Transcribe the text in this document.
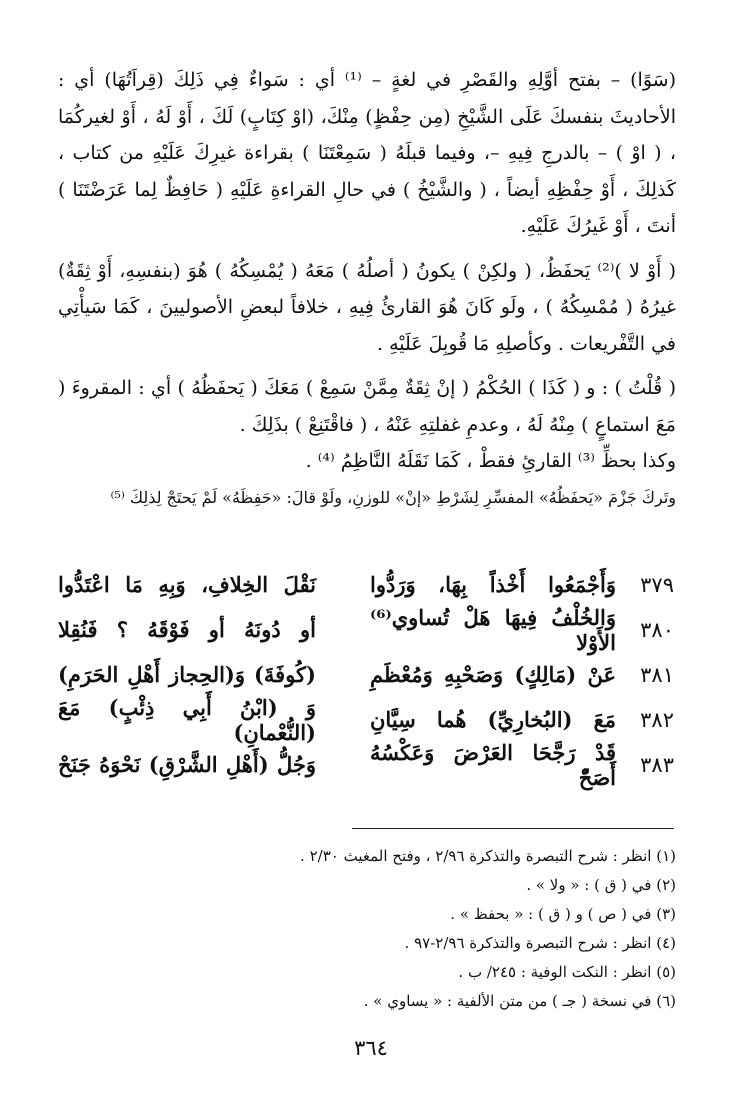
(سَوًا) – بفتح أوَّلِهِ والقَصْرِ في لغةٍ – ⁽¹⁾ أي : سَواءٌ فِي ذَلِكَ (قِراَتُهَا) أي : الأحاديثَ بنفسكَ عَلَى الشَّيْخِ (مِن حِفْظٍ) مِنْكَ، (اوْ كِتَابٍ) لَكَ ، أَوْ لَهُ ، أَوْ لغيركُمَا ، ( اوْ ) – بالدرجِ فِيهِ –، وفيما قبلَهُ ( سَمِعْتَنَا ) بقراءة غيرِكَ عَلَيْهِ من كتاب ، كَذلِكَ ، أَوْ حِفْظِهِ أيضاً ، ( والشَّيْخُ ) في حالِ القراءةِ عَلَيْهِ ( حَافِظٌ لِما عَرَضْتَنَا ) أنتَ ، أَوْ غَيرُكَ عَلَيْهِ.

( أَوْ لا )⁽²⁾ يَحفَظُ، ( ولكِنْ ) يكونُ ( أصلُهُ ) مَعَهُ ( يُمْسِكُهُ ) هُوَ (بنفسِهِ، أَوْ ثِقَةٌ) غيرُهُ ( مُمْسِكُهُ ) ، ولَو كَانَ هُوَ القارئُ فِيهِ ، خلافاً لبعضِ الأصوليينَ ، كَمَا سَيأْتِي في التَّفْريعات . وكأصلِهِ مَا قُوبِلَ عَلَيْهِ .

( قُلْتُ ) : و ( كَذَا ) الحُكْمُ ( إنْ ثِقَةٌ مِمَّنْ سَمِعْ ) مَعَكَ ( يَحفَظُهُ ) أي : المقروءَ ( مَعَ استماعٍ ) مِنْهُ لَهُ ، وعدمِ غفلتِهِ عَنْهُ ، ( فاقْتَنِعْ ) بذَلِكَ .

وكذا بحظِّ ⁽³⁾ القارئِ فقطْ ، كَمَا نَقَلَهُ النَّاظِمُ ⁽⁴⁾ .

وتَركَ جَزْمَ «يَحفَظُهُ» المفسِّرِ لِشَرْطِ «إنْ» للوزنِ، ولَوْ قالَ: «حَفِظَهُ» لَمْ يَحتَجْ لِذلِكَ ⁽⁵⁾

٣٧٩
وَأَجْمَعُوا أَخْذاً بِهَا، وَرَدُّوا
نَقْلَ الخِلافِ، وَبِهِ مَا اعْتَدُّوا
٣٨٠
وَالخُلْفُ فِيهَا هَلْ تُساوي⁽⁶⁾ الأَوْلا
أو دُونَهُ أو فَوْقَهُ ؟ فَنُقِلا
٣٨١
عَنْ (مَالِكٍ) وَصَحْبِهِ وَمُعْظَمِ
(كُوفَةَ) وَ(الحِجاز أَهْلِ الحَرَمِ)
٣٨٢
مَعَ (البُخارِيِّ) هُما سِيَّانِ
وَ (ابْنُ أَبِي ذِئْبٍ) مَعَ (النُّعْمانِ)
٣٨٣
قَدْ رَجَّحَا العَرْضَ وَعَكْسُهُ أَصَحّْ
وَجُلُّ (أَهْلِ الشَّرْقِ) نَحْوَهُ جَنَحْ
(١) انظر : شرح التبصرة والتذكرة ٢/٩٦ ، وفتح المغيث ٢/٣٠ .
(٢) في ( ق ) : « ولا » .
(٣) في ( ص ) و ( ق ) : « بحفظ » .
(٤) انظر : شرح التبصرة والتذكرة ٢/٩٦-٩٧ .
(٥) انظر : النكت الوفية : ٢٤٥/ ب .
(٦) في نسخة ( جـ ) من متن الألفية : « يساوي » .
٣٦٤
